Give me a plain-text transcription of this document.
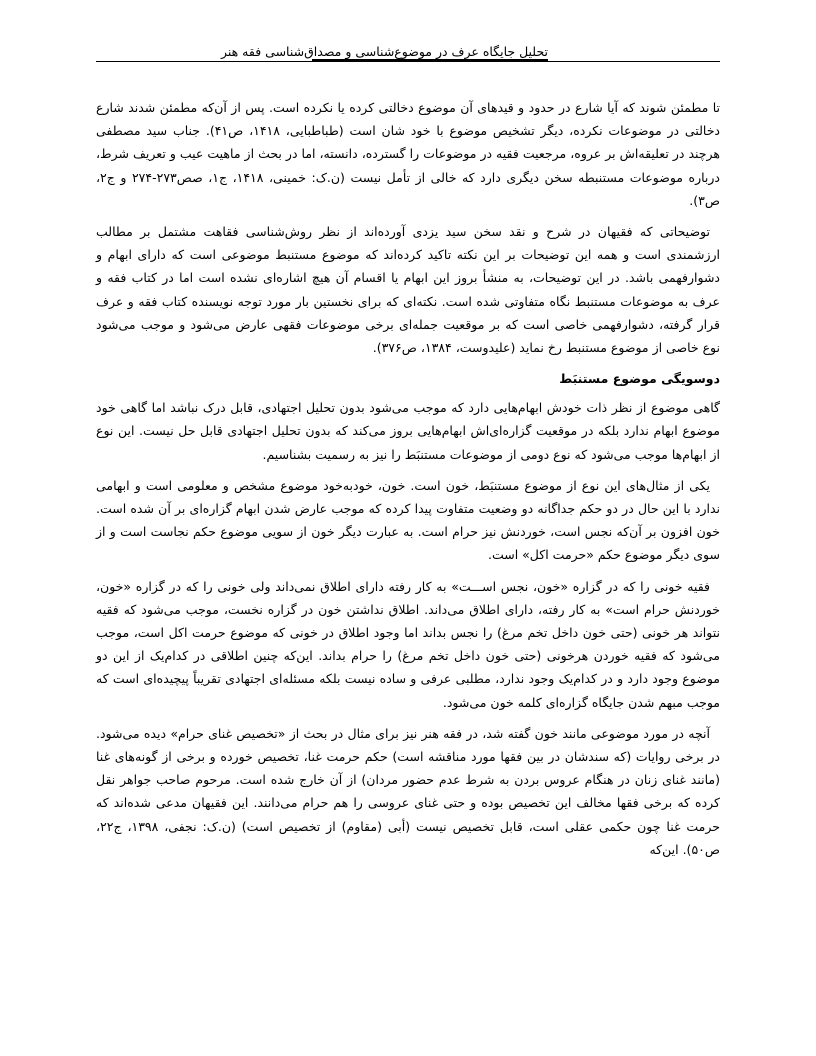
تحلیل جایگاه عرف در موضوع‌شناسی و مصداق‌شناسی فقه هنر

تا مطمئن شوند که آیا شارع در حدود و قیدهای آن موضوع دخالتی کرده یا نکرده است. پس از آن‌که مطمئن شدند شارع دخالتی در موضوعات نکرده، دیگر تشخیص موضوع با خود شان است (طباطبایی، ۱۴۱۸، ص۴۱). جناب سید مصطفی هرچند در تعلیقه‌اش بر عروه، مرجعیت فقیه در موضوعات را گسترده، دانسته، اما در بحث از ماهیت عیب و تعریف شرط، درباره موضوعات مستنبطه سخن دیگری دارد که خالی از تأمل نیست (ن.ک: خمینی، ۱۴۱۸، ج۱، صص۲۷۳-۲۷۴ و ج۲، ص۳).

توضیحاتی که فقیهان در شرح و نقد سخن سید یزدی آورده‌اند از نظر روش‌شناسی فقاهت مشتمل بر مطالب ارزشمندی است و همه این توضیحات بر این نکته تاکید کرده‌اند که موضوع مستنبط موضوعی است که دارای ابهام و دشوارفهمی باشد. در این توضیحات، به منشأ بروز این ابهام یا اقسام آن هیچ اشاره‌ای نشده است اما در کتاب فقه و عرف به موضوعات مستنبط نگاه متفاوتی شده است. نکته‌ای که برای نخستین بار مورد توجه نویسنده کتاب فقه و عرف قرار گرفته، دشوارفهمی خاصی است که بر موقعیت جمله‌ای برخی موضوعات فقهی عارض می‌شود و موجب می‌شود نوع خاصی از موضوع مستنبط رخ نماید (علیدوست، ۱۳۸۴، ص۳۷۶).

دوسویگی موضوع مستنبَط

گاهی موضوع از نظر ذات خودش ابهام‌هایی دارد که موجب می‌شود بدون تحلیل اجتهادی، قابل درک نباشد اما گاهی خود موضوع ابهام ندارد بلکه در موقعیت گزاره‌ای‌اش ابهام‌هایی بروز می‌کند که بدون تحلیل اجتهادی قابل حل نیست. این نوع از ابهام‌ها موجب می‌شود که نوع دومی از موضوعات مستنبَط را نیز به رسمیت بشناسیم.

یکی از مثال‌های این نوع از موضوع مستنبَط، خون است. خون، خودبه‌خود موضوع مشخص و معلومی است و ابهامی ندارد با این حال در دو حکم جداگانه دو وضعیت متفاوت پیدا کرده که موجب عارض شدن ابهام گزاره‌ای بر آن شده است. خون افزون بر آن‌که نجس است، خوردنش نیز حرام است. به عبارت دیگر خون از سویی موضوع حکم نجاست است و از سوی دیگر موضوع حکم «حرمت اکل» است.

فقیه خونی را که در گزاره «خون، نجس اســـت» به کار رفته دارای اطلاق نمی‌داند ولی خونی را که در گزاره «خون، خوردنش حرام است» به کار رفته، دارای اطلاق می‌داند. اطلاق نداشتن خون در گزاره نخست، موجب می‌شود که فقیه نتواند هر خونی (حتی خون داخل تخم مرغ) را نجس بداند اما وجود اطلاق در خونی که موضوع حرمت اکل است، موجب می‌شود که فقیه خوردن هرخونی (حتی خون داخل تخم مرغ) را حرام بداند. این‌که چنین اطلاقی در کدام‌یک از این دو موضوع وجود دارد و در کدام‌یک وجود ندارد، مطلبی عرفی و ساده نیست بلکه مسئله‌ای اجتهادی تقریباً پیچیده‌ای است که موجب مبهم شدن جایگاه گزاره‌ای کلمه خون می‌شود.

آنچه در مورد موضوعی مانند خون گفته شد، در فقه هنر نیز برای مثال در بحث از «تخصیص غنای حرام» دیده می‌شود. در برخی روایات (که سندشان در بین فقها مورد مناقشه است) حکم حرمت غنا، تخصیص خورده و برخی از گونه‌های غنا (مانند غنای زنان در هنگام عروس بردن به شرط عدم حضور مردان) از آن خارج شده است. مرحوم صاحب جواهر نقل کرده که برخی فقها مخالف این تخصیص بوده و حتی غنای عروسی را هم حرام می‌دانند. این فقیهان مدعی شده‌اند که حرمت غنا چون حکمی عقلی است، قابل تخصیص نیست (أبی (مقاوم) از تخصیص است) (ن.ک: نجفی، ۱۳۹۸، ج۲۲، ص۵۰). این‌که
